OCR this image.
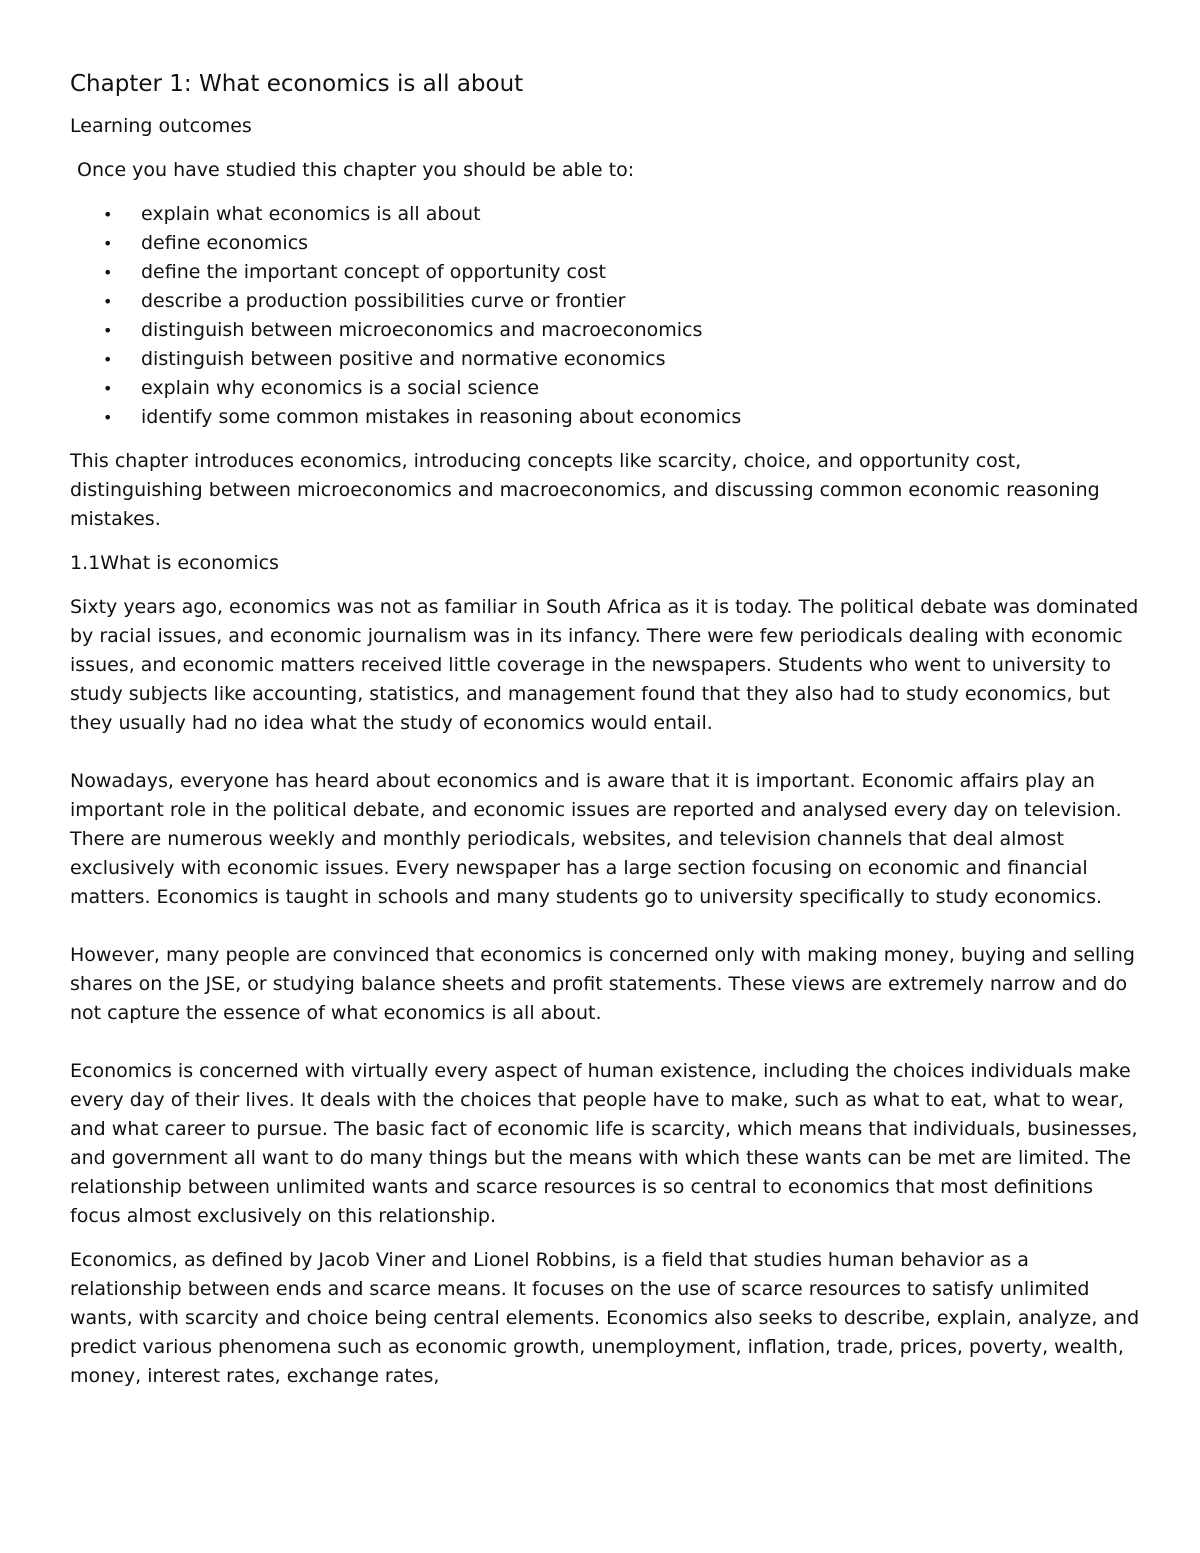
Chapter 1: What economics is all about
Learning outcomes
Once you have studied this chapter you should be able to:
• explain what economics is all about
• define economics
• define the important concept of opportunity cost
• describe a production possibilities curve or frontier
• distinguish between microeconomics and macroeconomics
• distinguish between positive and normative economics
• explain why economics is a social science
• identify some common mistakes in reasoning about economics

This chapter introduces economics, introducing concepts like scarcity, choice, and opportunity cost, distinguishing between microeconomics and macroeconomics, and discussing common economic reasoning mistakes.

1.1What is economics

Sixty years ago, economics was not as familiar in South Africa as it is today. The political debate was dominated by racial issues, and economic journalism was in its infancy. There were few periodicals dealing with economic issues, and economic matters received little coverage in the newspapers. Students who went to university to study subjects like accounting, statistics, and management found that they also had to study economics, but they usually had no idea what the study of economics would entail.

Nowadays, everyone has heard about economics and is aware that it is important. Economic affairs play an important role in the political debate, and economic issues are reported and analysed every day on television. There are numerous weekly and monthly periodicals, websites, and television channels that deal almost exclusively with economic issues. Every newspaper has a large section focusing on economic and financial matters. Economics is taught in schools and many students go to university specifically to study economics.

However, many people are convinced that economics is concerned only with making money, buying and selling shares on the JSE, or studying balance sheets and profit statements. These views are extremely narrow and do not capture the essence of what economics is all about.

Economics is concerned with virtually every aspect of human existence, including the choices individuals make every day of their lives. It deals with the choices that people have to make, such as what to eat, what to wear, and what career to pursue. The basic fact of economic life is scarcity, which means that individuals, businesses, and government all want to do many things but the means with which these wants can be met are limited. The relationship between unlimited wants and scarce resources is so central to economics that most definitions focus almost exclusively on this relationship.

Economics, as defined by Jacob Viner and Lionel Robbins, is a field that studies human behavior as a relationship between ends and scarce means. It focuses on the use of scarce resources to satisfy unlimited wants, with scarcity and choice being central elements. Economics also seeks to describe, explain, analyze, and predict various phenomena such as economic growth, unemployment, inflation, trade, prices, poverty, wealth, money, interest rates, exchange rates,
